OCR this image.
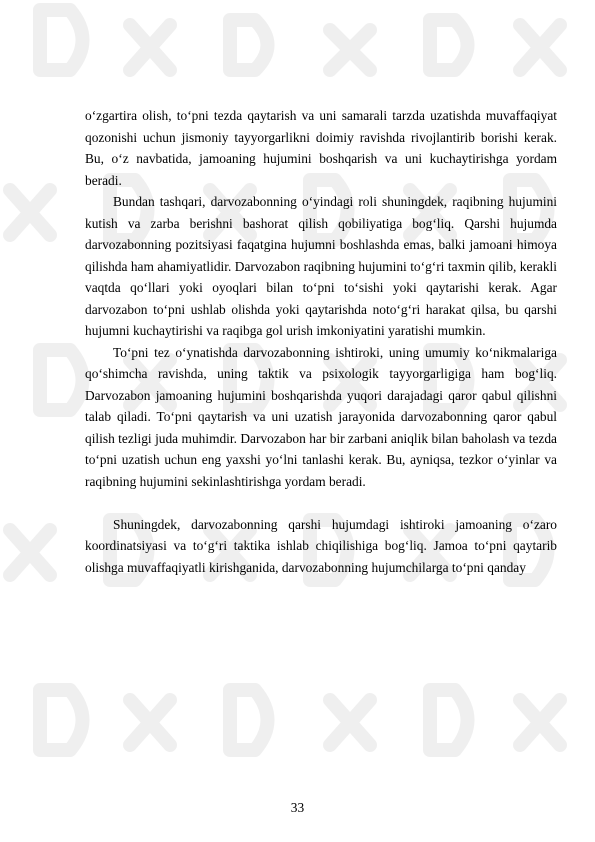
o‘zgartira olish, to‘pni tezda qaytarish va uni samarali tarzda uzatishda muvaffaqiyat qozonishi uchun jismoniy tayyorgarlikni doimiy ravishda rivojlantirib borishi kerak. Bu, o‘z navbatida, jamoaning hujumini boshqarish va uni kuchaytirishga yordam beradi.

Bundan tashqari, darvozabonning o‘yindagi roli shuningdek, raqibning hujumini kutish va zarba berishni bashorat qilish qobiliyatiga bog‘liq. Qarshi hujumda darvozabonning pozitsiyasi faqatgina hujumni boshlashda emas, balki jamoani himoya qilishda ham ahamiyatlidir. Darvozabon raqibning hujumini to‘g‘ri taxmin qilib, kerakli vaqtda qo‘llari yoki oyoqlari bilan to‘pni to‘sishi yoki qaytarishi kerak. Agar darvozabon to‘pni ushlab olishda yoki qaytarishda noto‘g‘ri harakat qilsa, bu qarshi hujumni kuchaytirishi va raqibga gol urish imkoniyatini yaratishi mumkin.

To‘pni tez o‘ynatishda darvozabonning ishtiroki, uning umumiy ko‘nikmalariga qo‘shimcha ravishda, uning taktik va psixologik tayyorgarligiga ham bog‘liq. Darvozabon jamoaning hujumini boshqarishda yuqori darajadagi qaror qabul qilishni talab qiladi. To‘pni qaytarish va uni uzatish jarayonida darvozabonning qaror qabul qilish tezligi juda muhimdir. Darvozabon har bir zarbani aniqlik bilan baholash va tezda to‘pni uzatish uchun eng yaxshi yo‘lni tanlashi kerak. Bu, ayniqsa, tezkor o‘yinlar va raqibning hujumini sekinlashtirishga yordam beradi.

Shuningdek, darvozabonning qarshi hujumdagi ishtiroki jamoaning o‘zaro koordinatsiyasi va to‘g‘ri taktika ishlab chiqilishiga bog‘liq. Jamoa to‘pni qaytarib olishga muvaffaqiyatli kirishganida, darvozabonning hujumchilarga to‘pni qanday

33
